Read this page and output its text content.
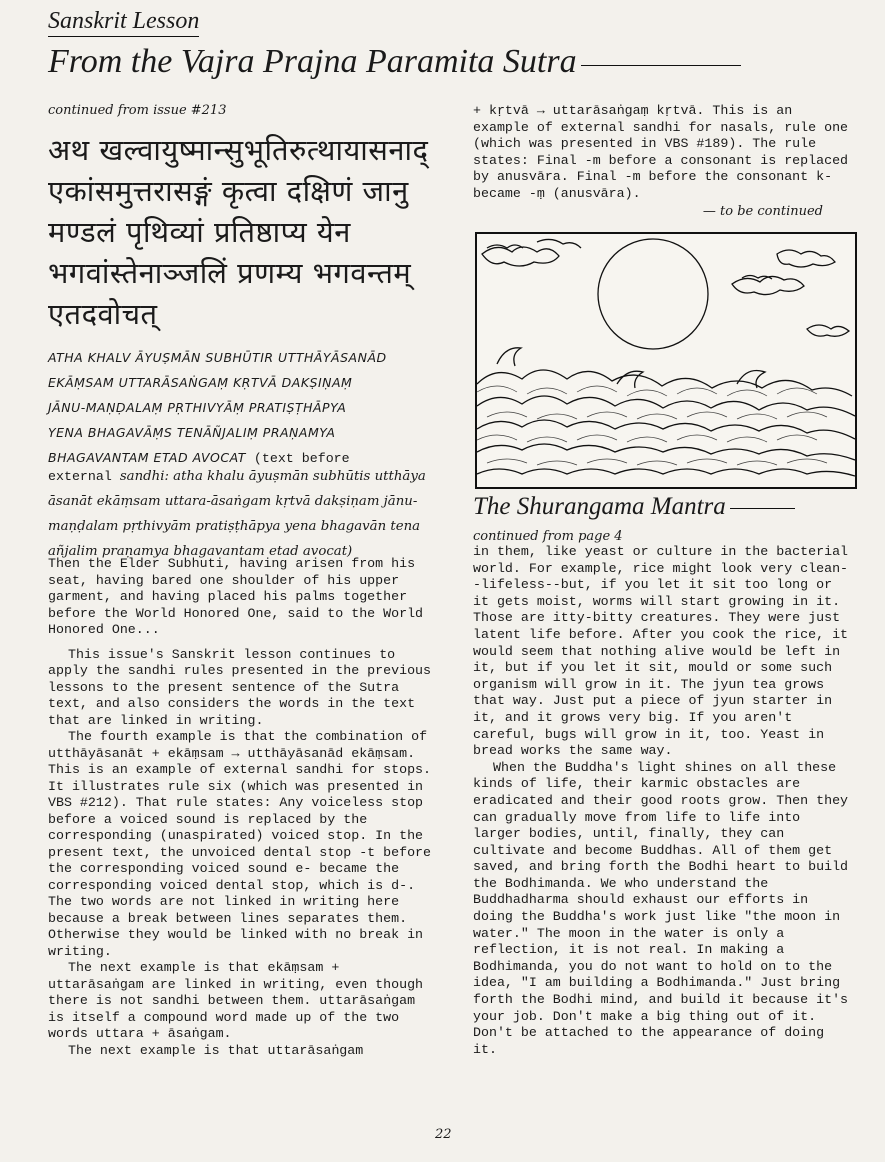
Sanskrit Lesson
From the Vajra Prajna Paramita Sutra
continued from issue #213
अथ खल्वायुष्मान्सुभूतिरुत्थायासनाद्
एकांसमुत्तरासङ्गं कृत्वा दक्षिणं जानु
मण्डलं पृथिव्यां प्रतिष्ठाप्य येन
भगवांस्तेनाञ्जलिं प्रणम्य भगवन्तम्
एतदवोचत्
ATHA KHALV ĀYUṢMĀN SUBHŪTIR UTTHĀYĀSANĀD
EKĀṂSAM UTTARĀSAṄGAṂ KṚTVĀ DAKṢIṆAṂ
JĀNU-MAṆḌALAṂ PṚTHIVYĀṂ PRATIṢṬHĀPYA
YENA BHAGAVĀṂS TENĀÑJALIṂ PRAṆAMYA

BHAGAVANTAM ETAD AVOCAT (text before

external sandhi: atha khalu āyuṣmān subhūtis utthāya āsanāt ekāṃsam uttara-āsaṅgam kṛtvā dakṣiṇam jānu-maṇḍalam pṛthivyām pratiṣṭhāpya yena bhagavān tena añjalim praṇamya bhagavantam etad avocat)

Then the Elder Subhuti, having arisen from his seat, having bared one shoulder of his upper garment, and having placed his palms together before the World Honored One, said to the World Honored One...

This issue's Sanskrit lesson continues to apply the sandhi rules presented in the previous lessons to the present sentence of the Sutra text, and also considers the words in the text that are linked in writing.

The fourth example is that the combination of utthāyāsanāt + ekāṃsam → utthāyāsanād ekāṃsam. This is an example of external sandhi for stops. It illustrates rule six (which was presented in VBS #212). That rule states: Any voiceless stop before a voiced sound is replaced by the corresponding (unaspirated) voiced stop. In the present text, the unvoiced dental stop -t before the corresponding voiced sound e- became the corresponding voiced dental stop, which is d-. The two words are not linked in writing here because a break between lines separates them. Otherwise they would be linked with no break in writing.

The next example is that ekāṃsam + uttarāsaṅgam are linked in writing, even though there is not sandhi between them. uttarāsaṅgam is itself a compound word made up of the two words uttara + āsaṅgam.

The next example is that uttarāsaṅgam

+ kṛtvā → uttarāsaṅgaṃ kṛtvā. This is an example of external sandhi for nasals, rule one (which was presented in VBS #189). The rule states: Final -m before a consonant is replaced by anusvāra. Final -m before the consonant k- became -ṃ (anusvāra).

— to be continued
The Shurangama Mantra
continued from page 4

in them, like yeast or culture in the bacterial world. For example, rice might look very clean--lifeless--but, if you let it sit too long or it gets moist, worms will start growing in it. Those are itty-bitty creatures. They were just latent life before. After you cook the rice, it would seem that nothing alive would be left in it, but if you let it sit, mould or some such organism will grow in it. The jyun tea grows that way. Just put a piece of jyun starter in it, and it grows very big. If you aren't careful, bugs will grow in it, too. Yeast in bread works the same way.

When the Buddha's light shines on all these kinds of life, their karmic obstacles are eradicated and their good roots grow. Then they can gradually move from life to life into larger bodies, until, finally, they can cultivate and become Buddhas. All of them get saved, and bring forth the Bodhi heart to build the Bodhimanda. We who understand the Buddhadharma should exhaust our efforts in doing the Buddha's work just like "the moon in water." The moon in the water is only a reflection, it is not real. In making a Bodhimanda, you do not want to hold on to the idea, "I am building a Bodhimanda." Just bring forth the Bodhi mind, and build it because it's your job. Don't make a big thing out of it. Don't be attached to the appearance of doing it.

22
